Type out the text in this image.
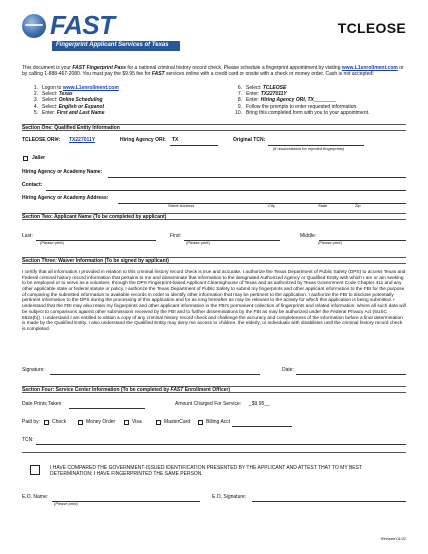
FAST
Fingerprint Applicant Services of Texas
TCLEOSE
This document is your FAST Fingerprint Pass for a national criminal history record check. Please schedule a fingerprint appointment by visiting www.L1enrollment.com or by calling 1-888-467-2080. You must pay the $9.95 fee for FAST services online with a credit card or onsite with a check or money order. Cash is not accepted!
1. Logon to www.L1enrollment.com
2. Select: Texas
3. Select: Online Scheduling
4. Select: English or Espanol
5. Enter: First and Last Name
6. Select: TCLEOSE
7. Enter: TX227011Y
8. Enter: Hiring Agency ORI, TX________
9. Follow the prompts to enter requested information.
10. Bring this completed form with you to your appointment.
Section One: Qualified Entity Information
TCLEOSE ORI#: TX227011Y	Hiring Agency ORI: TX	Original TCN:
(if resubmission for rejected fingerprints)
Jailer
Hiring Agency or Academy Name:
Contact:
Hiring Agency or Academy Address:
Street Address	City	State	Zip
Section Two: Applicant Name (To be completed by applicant)
Last:
(Please print)
First:
(Please print)
Middle:
(Please print)
Section Three: Waiver Information (To be signed by applicant)
I certify that all information I provided in relation to this criminal history record check is true and accurate. I authorize the Texas Department of Public Safety (DPS) to access Texas and Federal criminal history record information that pertains to me and disseminate that information to the designated Authorized Agency or Qualified Entity with which I am or am seeking to be employed or to serve as a volunteer, through the DPS Fingerprint-based Applicant Clearinghouse of Texas and as authorized by Texas Government Code Chapter 411 and any other applicable state or federal statute or policy. I authorize the Texas Department of Public Safety to submit my fingerprints and other applicant information to the FBI for the purpose of comparing the submitted information to available records in order to identify other information that may be pertinent to the application. I authorize the FBI to disclose potentially pertinent information to the DPS during the processing of this application and for as long hereafter as may be relevant to the activity for which this application is being submitted. I understand that the FBI may also retain my fingerprints and other applicant information in the FBI's permanent collection of fingerprints and related information, where all such data will be subject to comparisons against other submissions received by the FBI and to further disseminations by the FBI as may be authorized under the Federal Privacy Act (5USC 552a(b)). I understand I am entitled to obtain a copy of any criminal history record check and challenge the accuracy and completeness of the information before a final determination is made by the Qualified Entity. I also understand the Qualified Entity may deny me access to children, the elderly, or individuals with disabilities until the criminal history record check is completed.
Signature:	Date:
Section Four: Service Center Information (To be completed by FAST Enrollment Officer)
Date Prints Taken	Amount Charged For Service: _$9.95__
Paid by: Check	Money Order	Visa	MasterCard	Billing Acct
TCN:
I HAVE COMPARED THE GOVERNMENT-ISSUED IDENTIFICATION PRESENTED BY THE APPLICANT AND ATTEST THAT TO MY BEST DETERMINATION; I HAVE FINGERPRINTED THE SAME PERSON.
E.O. Name:
(Please print)
E.O. Signature:
Revised 01/11
